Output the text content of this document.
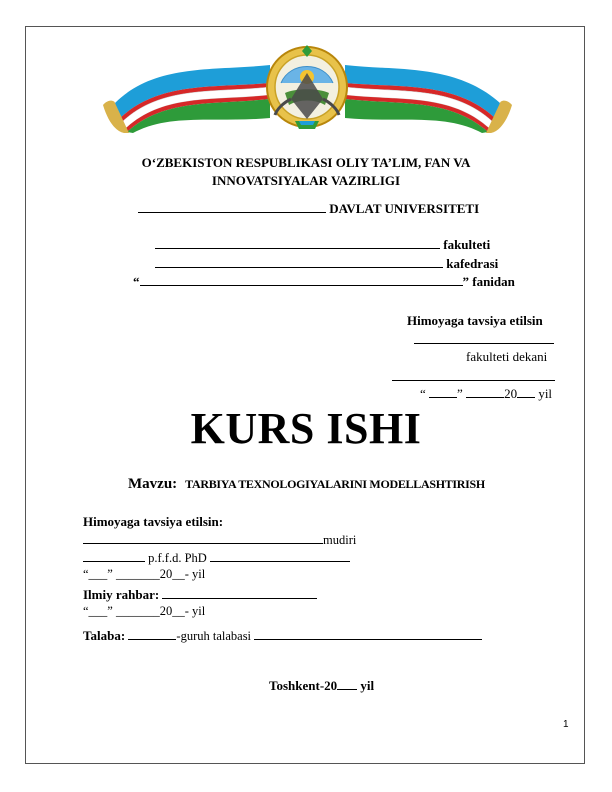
O‘ZBEKISTON RESPUBLIKASI OLIY TA’LIM, FAN VA
INNOVATSIYALAR VAZIRLIGI
DAVLAT UNIVERSITETI
fakulteti
kafedrasi
“	” fanidan
Himoyaga tavsiya etilsin
fakulteti dekani
“ ”	20 yil
KURS ISHI
Mavzu: TARBIYA TEXNOLOGIYALARINI MODELLASHTIRISH
Himoyaga tavsiya etilsin:
mudiri
p.f.f.d. PhD
“___” _______20__- yil
Ilmiy rahbar:
“___” _______20__- yil
Talaba:	-guruh talabasi
Toshkent-20 yil
1
